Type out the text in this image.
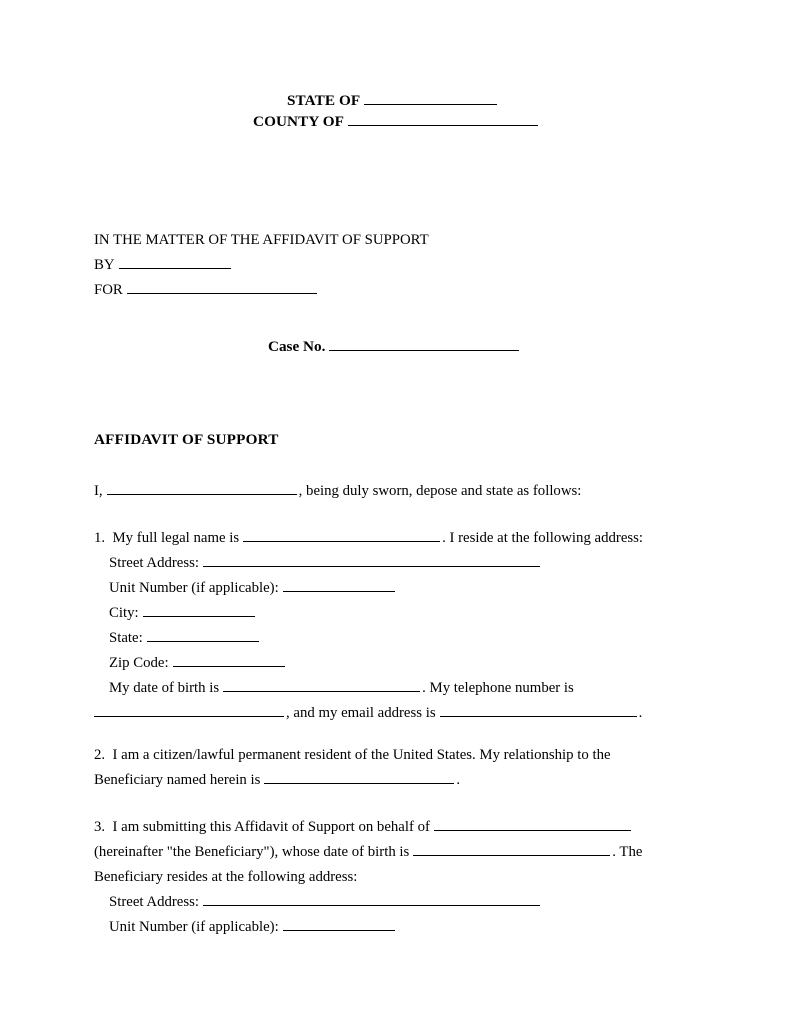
STATE OF
COUNTY OF
IN THE MATTER OF THE AFFIDAVIT OF SUPPORT
BY
FOR
Case No.
AFFIDAVIT OF SUPPORT

I,	, being duly sworn, depose and state as follows:

1. My full legal name is	. I reside at the following address:

Street Address:

Unit Number (if applicable):

City:

State:

Zip Code:

My date of birth is	. My telephone number is

, and my email address is	.

2. I am a citizen/lawful permanent resident of the United States. My relationship to the

Beneficiary named herein is	.

3. I am submitting this Affidavit of Support on behalf of

(hereinafter "the Beneficiary"), whose date of birth is	. The

Beneficiary resides at the following address:

Street Address:

Unit Number (if applicable):
